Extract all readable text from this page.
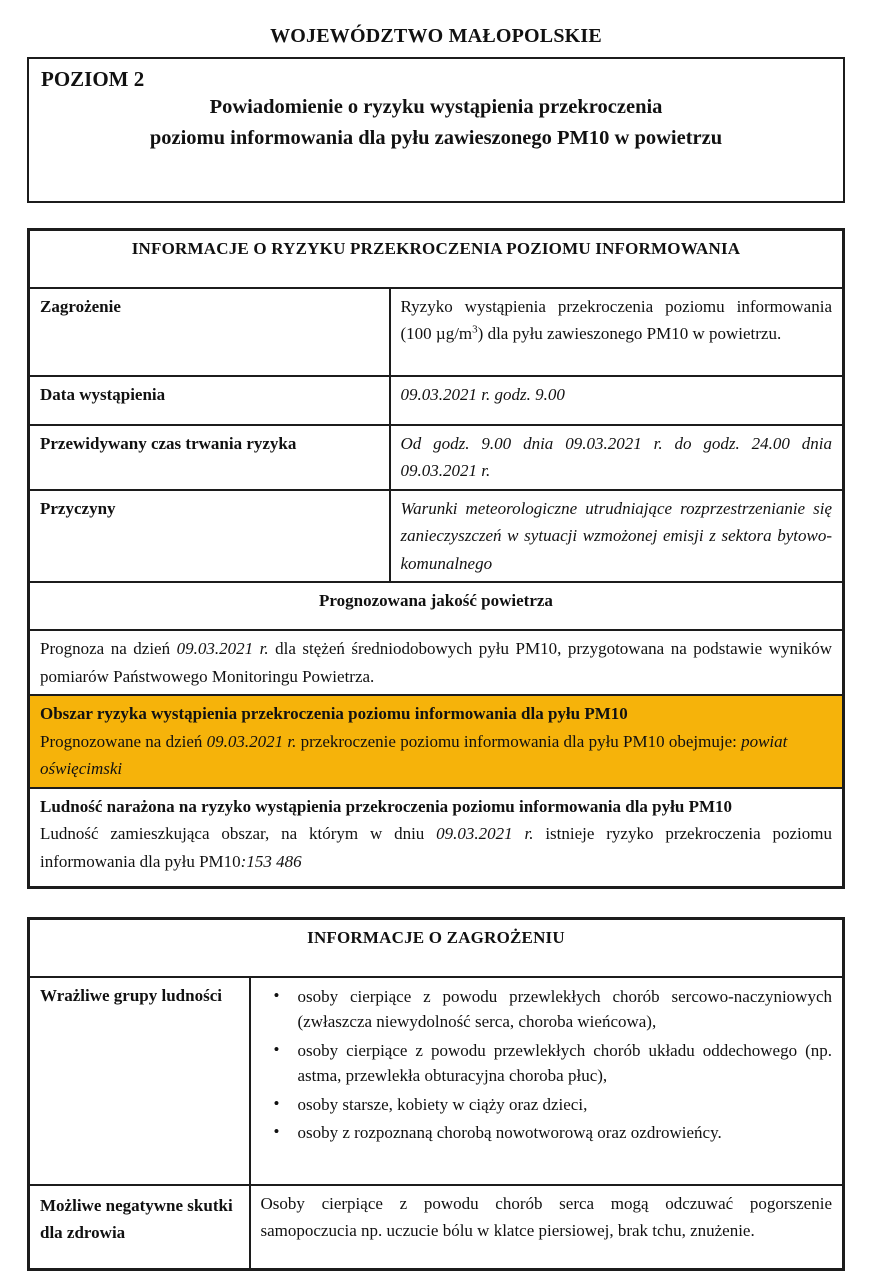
WOJEWÓDZTWO MAŁOPOLSKIE
POZIOM 2
Powiadomienie o ryzyku wystąpienia przekroczenia
poziomu informowania dla pyłu zawieszonego PM10 w powietrzu
INFORMACJE O RYZYKU PRZEKROCZENIA POZIOMU INFORMOWANIA	
Zagrożenie	Ryzyko wystąpienia przekroczenia poziomu informowania (100 $\mu g/m^3$) dla pyłu zawieszonego PM10 w powietrzu.
Data wystąpienia	09.03.2021 r. godz. 9.00
Przewidywany czas trwania ryzyka	Od godz. 9.00 dnia 09.03.2021 r. do godz. 24.00 dnia 09.03.2021 r.
Przyczyny	Warunki meteorologiczne utrudniające rozprzestrzenianie się zanieczyszczeń w sytuacji wzmożonej emisji z sektora bytowo-komunalnego
Prognozowana jakość powietrza	
Prognoza na dzień 09.03.2021 r. dla stężeń średniodobowych pyłu PM10, przygotowana na podstawie wyników pomiarów Państwowego Monitoringu Powietrza.	

Obszar ryzyka wystąpienia przekroczenia poziomu informowania dla pyłu PM10
Prognozowane na dzień 09.03.2021 r. przekroczenie poziomu informowania dla pyłu PM10 obejmuje: powiat oświęcimski	

Ludność narażona na ryzyko wystąpienia przekroczenia poziomu informowania dla pyłu PM10
Ludność zamieszkująca obszar, na którym w dniu 09.03.2021 r. istnieje ryzyko przekroczenia poziomu informowania dla pyłu PM10:153 486	
INFORMACJE O ZAGROŻENIU	
Wrażliwe grupy ludności	• osoby cierpiące z powodu przewlekłych chorób sercowo-naczyniowych (zwłaszcza niewydolność serca, choroba wieńcowa),
• osoby cierpiące z powodu przewlekłych chorób układu oddechowego (np. astma, przewlekła obturacyjna choroba płuc),
• osoby starsze, kobiety w ciąży oraz dzieci,
• osoby z rozpoznaną chorobą nowotworową oraz ozdrowieńcy.

Możliwe negatywne skutki dla zdrowia	Osoby cierpiące z powodu chorób serca mogą odczuwać pogorszenie samopoczucia np. uczucie bólu w klatce piersiowej, brak tchu, znużenie.
